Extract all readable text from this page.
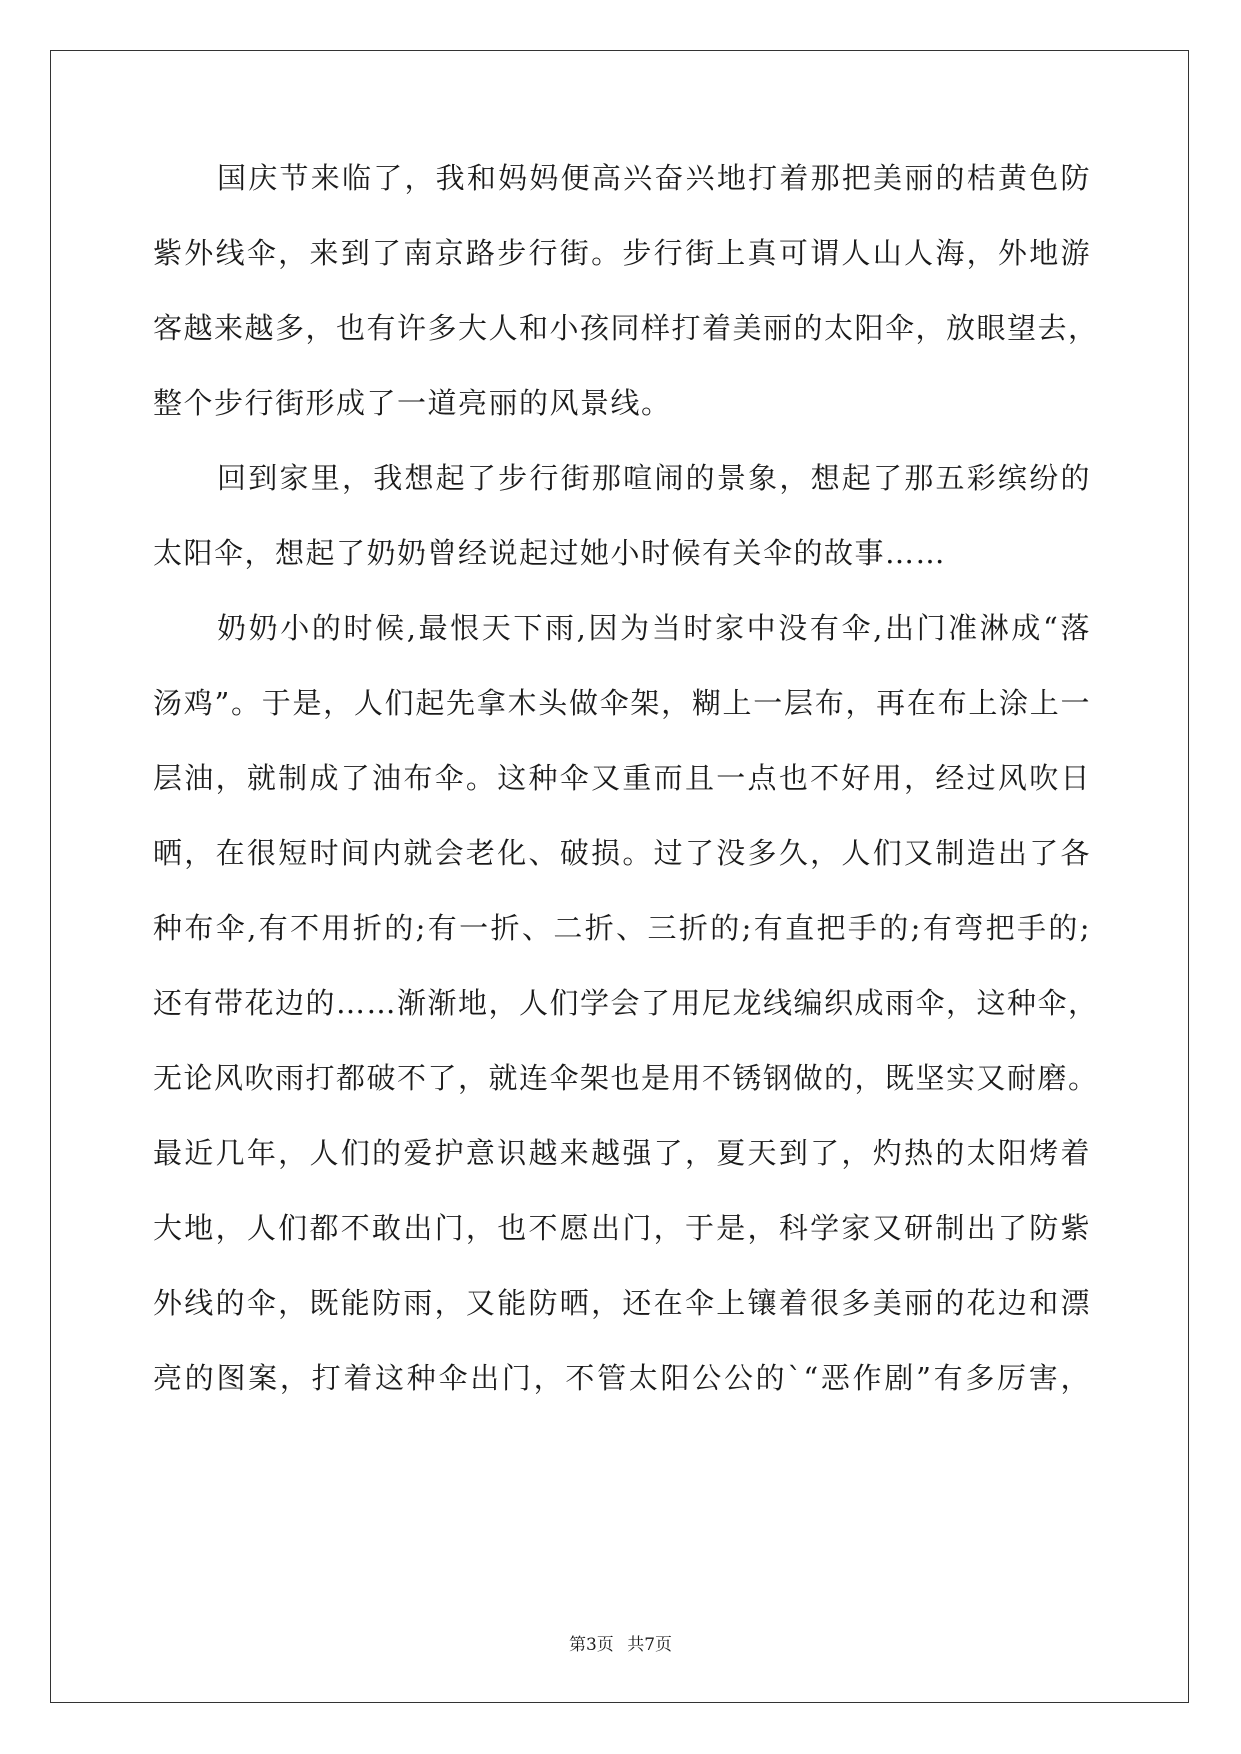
国庆节来临了，我和妈妈便高兴奋兴地打着那把美丽的桔黄色防
紫外线伞，来到了南京路步行街。步行街上真可谓人山人海，外地游
客越来越多，也有许多大人和小孩同样打着美丽的太阳伞，放眼望去，
整个步行街形成了一道亮丽的风景线。
回到家里，我想起了步行街那喧闹的景象，想起了那五彩缤纷的
太阳伞，想起了奶奶曾经说起过她小时候有关伞的故事……
奶奶小的时候,最恨天下雨,因为当时家中没有伞,出门准淋成“落
汤鸡”。于是，人们起先拿木头做伞架，糊上一层布，再在布上涂上一
层油，就制成了油布伞。这种伞又重而且一点也不好用，经过风吹日
晒，在很短时间内就会老化、破损。过了没多久，人们又制造出了各
种布伞,有不用折的;有一折、二折、三折的;有直把手的;有弯把手的;
还有带花边的……渐渐地，人们学会了用尼龙线编织成雨伞，这种伞，
无论风吹雨打都破不了，就连伞架也是用不锈钢做的，既坚实又耐磨。
最近几年，人们的爱护意识越来越强了，夏天到了，灼热的太阳烤着
大地，人们都不敢出门，也不愿出门，于是，科学家又研制出了防紫
外线的伞，既能防雨，又能防晒，还在伞上镶着很多美丽的花边和漂
亮的图案，打着这种伞出门，不管太阳公公的`“恶作剧”有多厉害，
第3页 共7页
